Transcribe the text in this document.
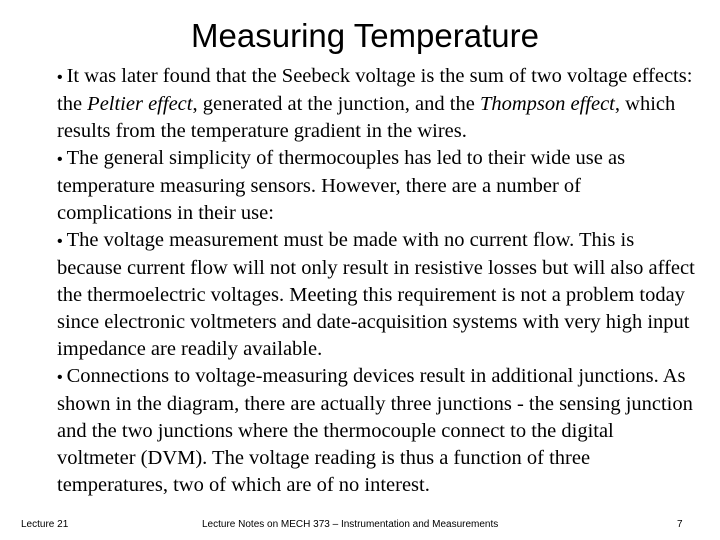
Measuring Temperature

• It was later found that the Seebeck voltage is the sum of two voltage effects: the Peltier effect, generated at the junction, and the Thompson effect, which results from the temperature gradient in the wires.

• The general simplicity of thermocouples has led to their wide use as temperature measuring sensors. However, there are a number of complications in their use:

• The voltage measurement must be made with no current flow. This is because current flow will not only result in resistive losses but will also affect the thermoelectric voltages. Meeting this requirement is not a problem today since electronic voltmeters and date-acquisition systems with very high input impedance are readily available.

• Connections to voltage-measuring devices result in additional junctions. As shown in the diagram, there are actually three junctions - the sensing junction and the two junctions where the thermocouple connect to the digital voltmeter (DVM). The voltage reading is thus a function of three temperatures, two of which are of no interest.

Lecture 21	Lecture Notes on MECH 373 – Instrumentation and Measurements	7
